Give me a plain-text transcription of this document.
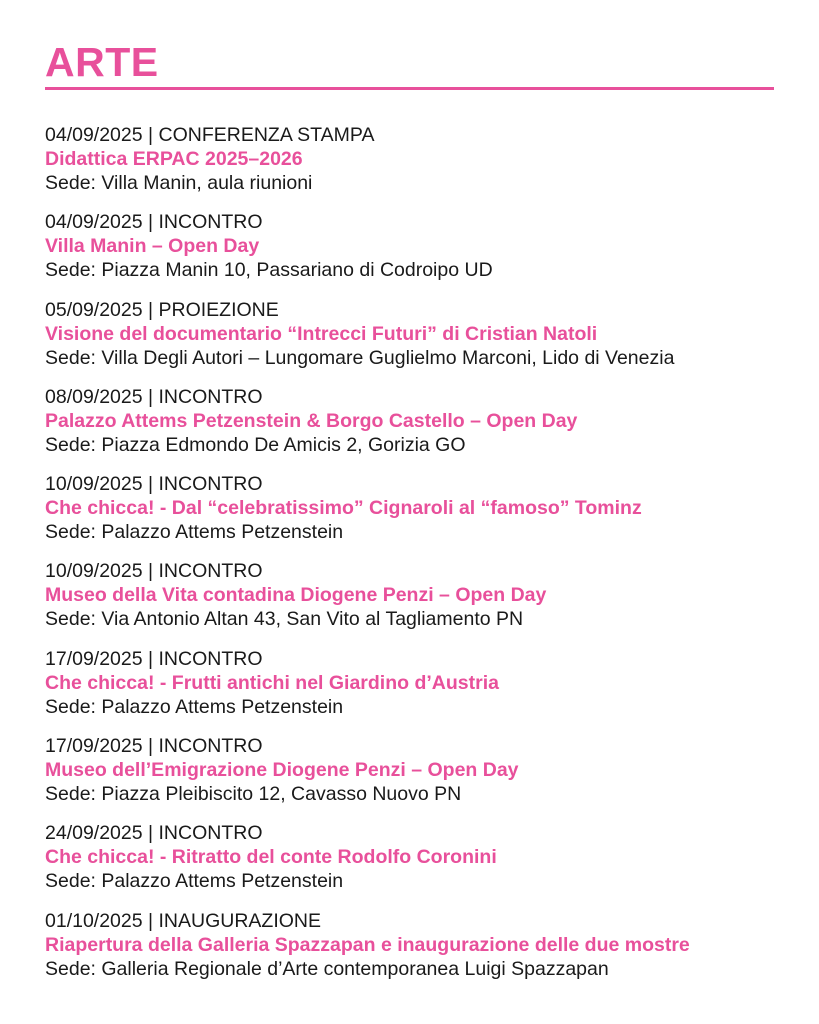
ARTE
04/09/2025 | CONFERENZA STAMPA
Didattica ERPAC 2025–2026
Sede: Villa Manin, aula riunioni
04/09/2025 | INCONTRO
Villa Manin – Open Day
Sede: Piazza Manin 10, Passariano di Codroipo UD
05/09/2025 | PROIEZIONE
Visione del documentario “Intrecci Futuri” di Cristian Natoli
Sede: Villa Degli Autori – Lungomare Guglielmo Marconi, Lido di Venezia
08/09/2025 | INCONTRO
Palazzo Attems Petzenstein & Borgo Castello – Open Day
Sede: Piazza Edmondo De Amicis 2, Gorizia GO
10/09/2025 | INCONTRO
Che chicca! - Dal “celebratissimo” Cignaroli al “famoso” Tominz
Sede: Palazzo Attems Petzenstein
10/09/2025 | INCONTRO
Museo della Vita contadina Diogene Penzi – Open Day
Sede: Via Antonio Altan 43, San Vito al Tagliamento PN
17/09/2025 | INCONTRO
Che chicca! - Frutti antichi nel Giardino d’Austria
Sede: Palazzo Attems Petzenstein
17/09/2025 | INCONTRO
Museo dell’Emigrazione Diogene Penzi – Open Day
Sede: Piazza Pleibiscito 12, Cavasso Nuovo PN
24/09/2025 | INCONTRO
Che chicca! - Ritratto del conte Rodolfo Coronini
Sede: Palazzo Attems Petzenstein
01/10/2025 | INAUGURAZIONE
Riapertura della Galleria Spazzapan e inaugurazione delle due mostre
Sede: Galleria Regionale d’Arte contemporanea Luigi Spazzapan
